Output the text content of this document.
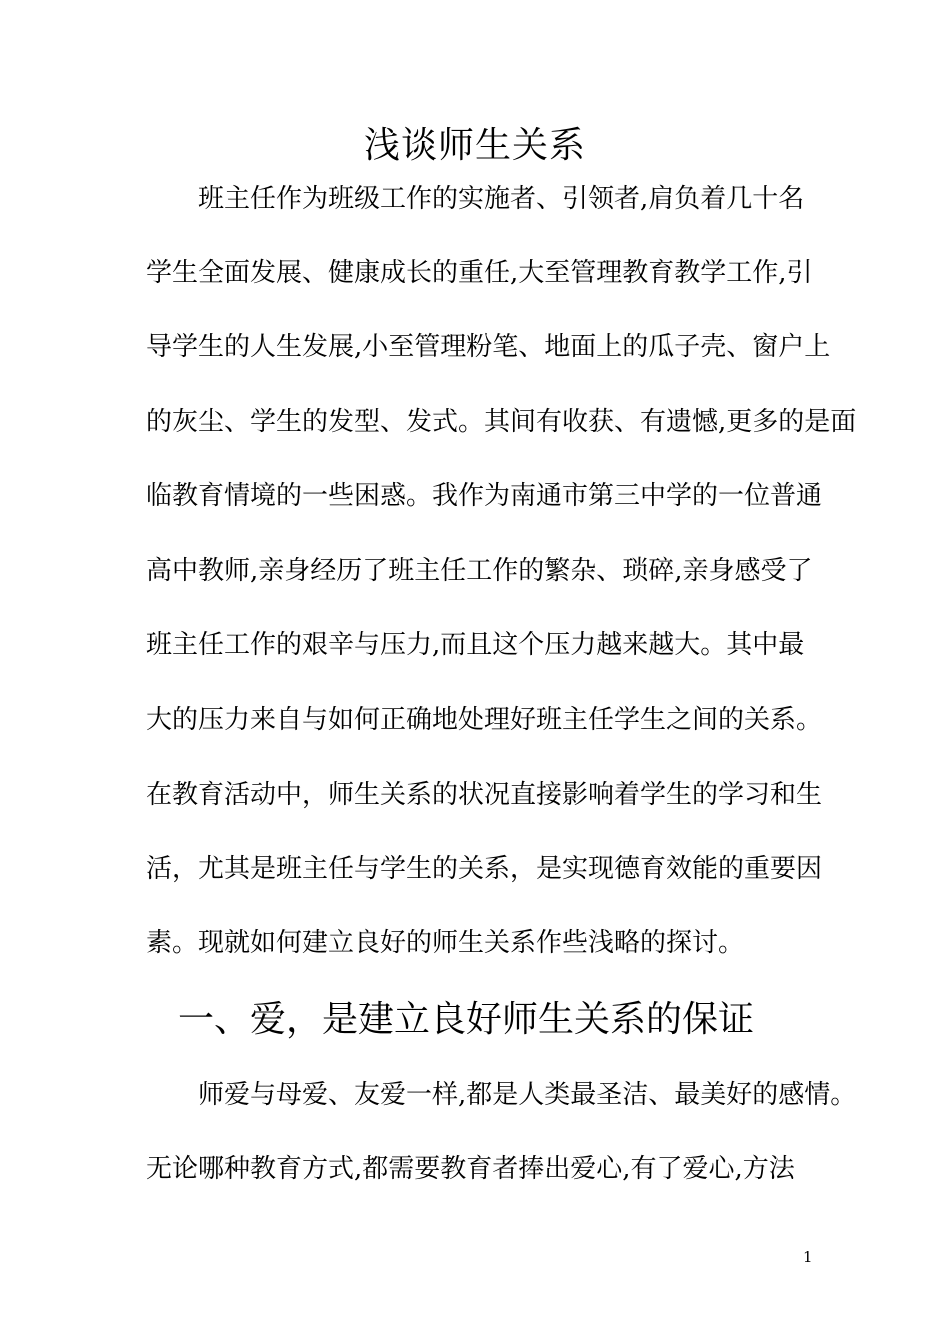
浅谈师生关系
　　班主任作为班级工作的实施者、引领者,肩负着几十名
学生全面发展、健康成长的重任,大至管理教育教学工作,引
导学生的人生发展,小至管理粉笔、地面上的瓜子壳、窗户上
的灰尘、学生的发型、发式。其间有收获、有遗憾,更多的是面
临教育情境的一些困惑。我作为南通市第三中学的一位普通
高中教师,亲身经历了班主任工作的繁杂、琐碎,亲身感受了
班主任工作的艰辛与压力,而且这个压力越来越大。其中最
大的压力来自与如何正确地处理好班主任学生之间的关系。
在教育活动中，师生关系的状况直接影响着学生的学习和生
活，尤其是班主任与学生的关系，是实现德育效能的重要因
素。现就如何建立良好的师生关系作些浅略的探讨。
一、爱，是建立良好师生关系的保证
　　师爱与母爱、友爱一样,都是人类最圣洁、最美好的感情。
无论哪种教育方式,都需要教育者捧出爱心,有了爱心,方法
1
